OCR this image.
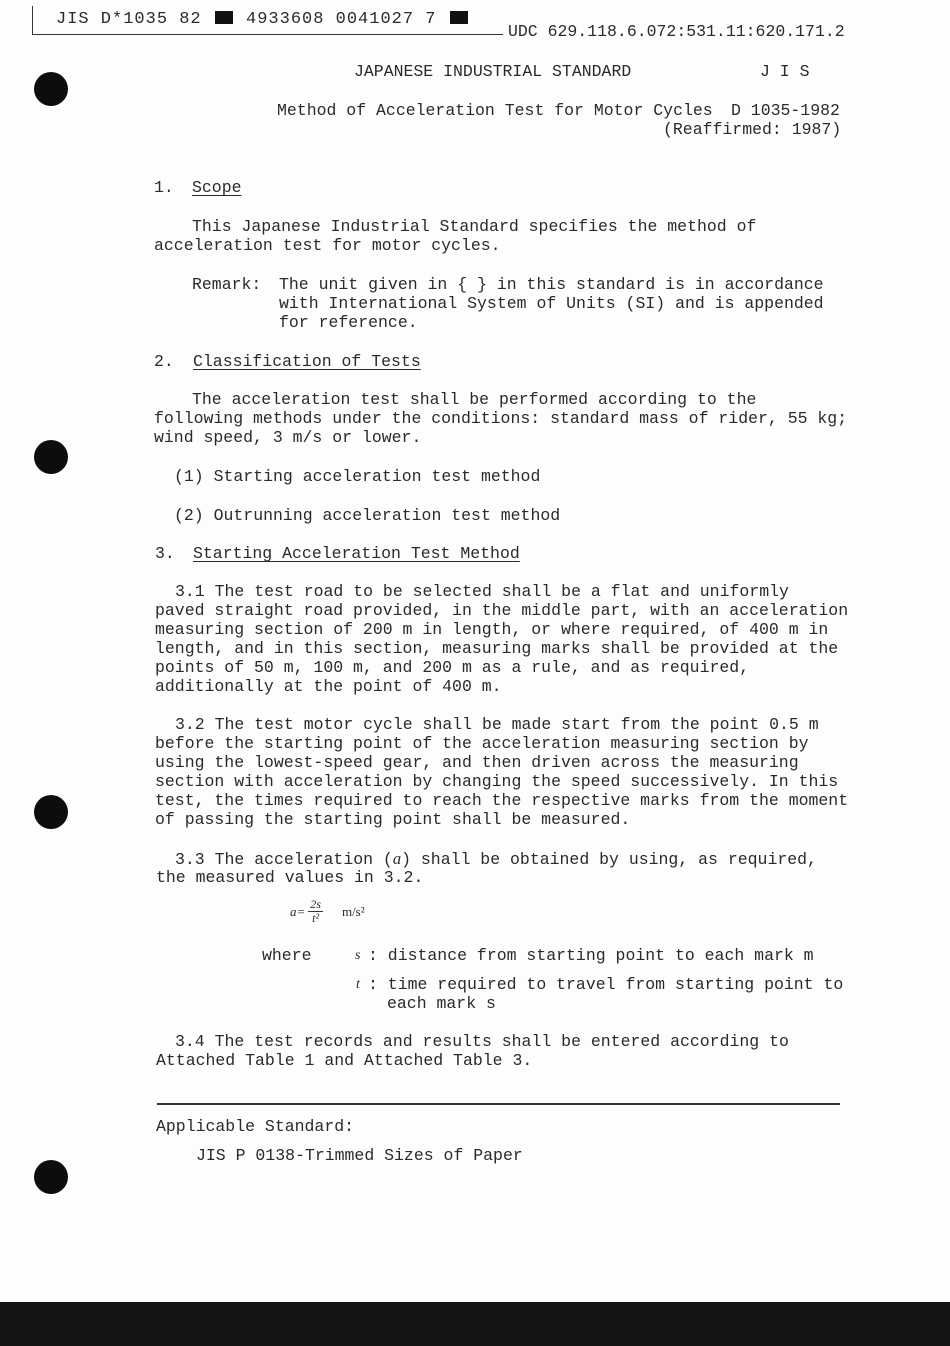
JIS D*1035 82	4933608 0041027 7
UDC 629.118.6.072:531.11:620.171.2
JAPANESE INDUSTRIAL STANDARD	J I S
Method of Acceleration Test for Motor Cycles D 1035-1982
(Reaffirmed: 1987)
1. Scope
This Japanese Industrial Standard specifies the method of
acceleration test for motor cycles.
Remark: The unit given in { } in this standard is in accordance
with International System of Units (SI) and is appended
for reference.
2. Classification of Tests
The acceleration test shall be performed according to the
following methods under the conditions: standard mass of rider, 55 kg;
wind speed, 3 m/s or lower.
(1) Starting acceleration test method
(2) Outrunning acceleration test method
3. Starting Acceleration Test Method
3.1 The test road to be selected shall be a flat and uniformly
paved straight road provided, in the middle part, with an acceleration
measuring section of 200 m in length, or where required, of 400 m in
length, and in this section, measuring marks shall be provided at the
points of 50 m, 100 m, and 200 m as a rule, and as required,
additionally at the point of 400 m.
3.2 The test motor cycle shall be made start from the point 0.5 m
before the starting point of the acceleration measuring section by
using the lowest-speed gear, and then driven across the measuring
section with acceleration by changing the speed successively. In this
test, the times required to reach the respective marks from the moment
of passing the starting point shall be measured.
3.3 The acceleration (a) shall be obtained by using, as required,
the measured values in 3.2.
$a= \frac{2s}{\text{t²}} m/s^2$
where	s : distance from starting point to each mark m
t : time required to travel from starting point to
each mark s
3.4 The test records and results shall be entered according to
Attached Table 1 and Attached Table 3.
Applicable Standard:
JIS P 0138-Trimmed Sizes of Paper
